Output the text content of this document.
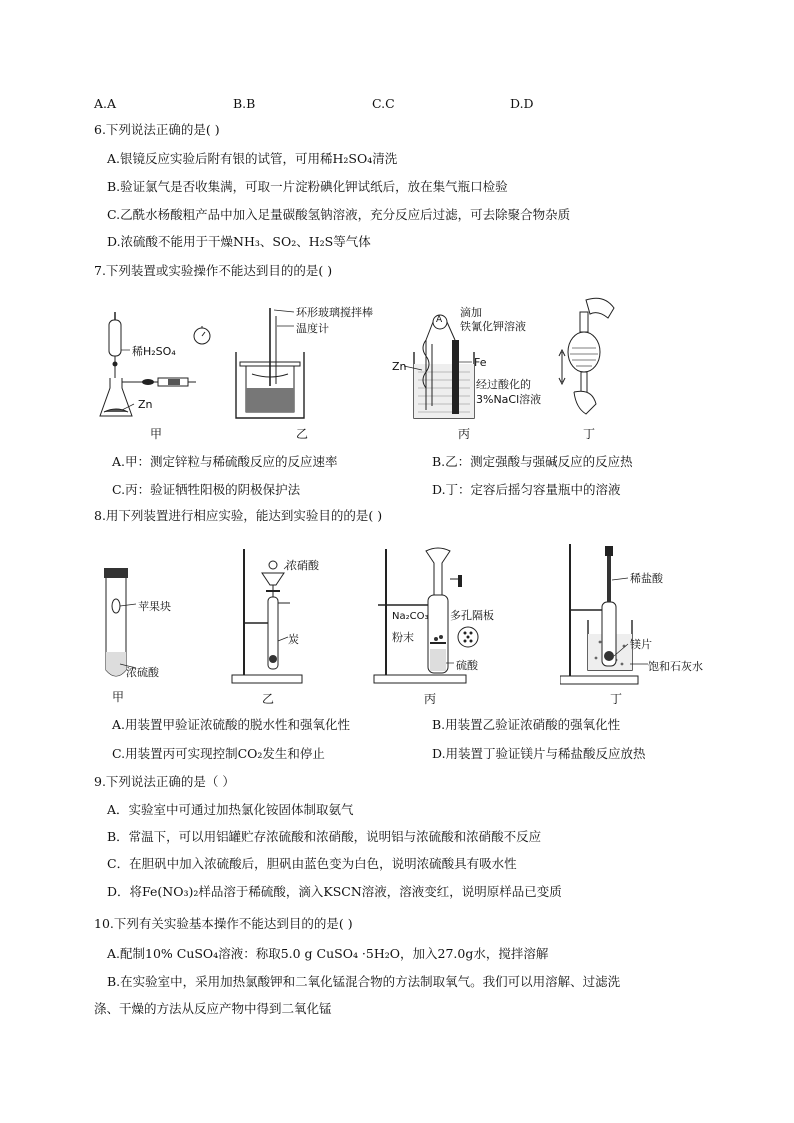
A.A	B.B	C.C	D.D
6.下列说法正确的是( )
A.银镜反应实验后附有银的试管，可用稀H₂SO₄清洗
B.验证氯气是否收集满，可取一片淀粉碘化钾试纸后，放在集气瓶口检验
C.乙酰水杨酸粗产品中加入足量碳酸氢钠溶液，充分反应后过滤，可去除聚合物杂质
D.浓硫酸不能用于干燥NH₃、SO₂、H₂S等气体
7.下列装置或实验操作不能达到目的的是( )
稀H₂SO₄
Zn
甲
环形玻璃搅拌棒
温度计
乙
A
滴加
铁氰化钾溶液
Zn	Fe
经过酸化的
3%NaCl溶液
丙	丁
A.甲：测定锌粒与稀硫酸反应的反应速率	B.乙：测定强酸与强碱反应的反应热
C.丙：验证牺牲阳极的阴极保护法	D.丁：定容后摇匀容量瓶中的溶液
8.用下列装置进行相应实验，能达到实验目的的是( )
苹果块
浓硫酸
甲
浓硝酸
炭
乙
多孔隔板
Na₂CO₃
粉末
硫酸
丙
稀盐酸
镁片
饱和石灰水
丁
A.用装置甲验证浓硫酸的脱水性和强氧化性	B.用装置乙验证浓硝酸的强氧化性
C.用装置丙可实现控制CO₂发生和停止	D.用装置丁验证镁片与稀盐酸反应放热
9.下列说法正确的是（ ）
A．实验室中可通过加热氯化铵固体制取氨气
B．常温下，可以用铝罐贮存浓硫酸和浓硝酸，说明铝与浓硫酸和浓硝酸不反应
C．在胆矾中加入浓硫酸后，胆矾由蓝色变为白色，说明浓硫酸具有吸水性
D．将Fe(NO₃)₂样品溶于稀硫酸，滴入KSCN溶液，溶液变红，说明原样品已变质
10.下列有关实验基本操作不能达到目的的是( )
A.配制10% CuSO₄溶液：称取5.0 g CuSO₄ ·5H₂O，加入27.0g水，搅拌溶解
B.在实验室中，采用加热氯酸钾和二氧化锰混合物的方法制取氧气。我们可以用溶解、过滤洗
涤、干燥的方法从反应产物中得到二氧化锰
